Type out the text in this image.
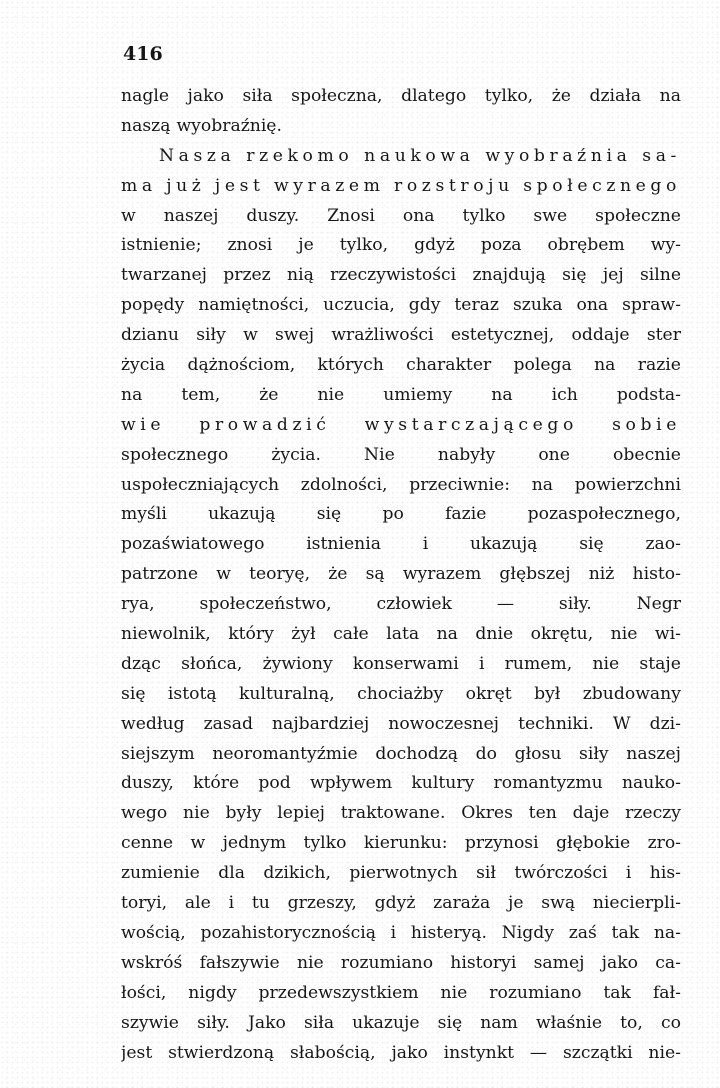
416
nagle jako siła społeczna, dlatego tylko, że działa na
naszą wyobraźnię.
Nasza rzekomo naukowa wyobraźnia sa-
ma już jest wyrazem rozstroju społecznego
w naszej duszy. Znosi ona tylko swe społeczne
istnienie; znosi je tylko, gdyż poza obrębem wy-
twarzanej przez nią rzeczywistości znajdują się jej silne
popędy namiętności, uczucia, gdy teraz szuka ona spraw-
dzianu siły w swej wrażliwości estetycznej, oddaje ster
życia dążnościom, których charakter polega na razie
na tem, że nie umiemy na ich podsta-
wie prowadzić wystarczającego sobie
społecznego	życia.	Nie	nabyły	one	obecnie
uspołeczniających zdolności, przeciwnie: na powierzchni
myśli ukazują się po fazie pozaspołecznego,
pozaświatowego istnienia i ukazują się zao-
patrzone w teoryę, że są wyrazem głębszej niż histo-
rya,	społeczeństwo,	człowiek	—	siły.	Negr
niewolnik, który żył całe lata na dnie okrętu, nie wi-
dząc słońca, żywiony konserwami i rumem, nie staje
się istotą kulturalną, chociażby okręt był zbudowany
według zasad najbardziej nowoczesnej techniki. W dzi-
siejszym neoromantyźmie dochodzą do głosu siły naszej
duszy, które pod wpływem kultury romantyzmu nauko-
wego nie były lepiej traktowane. Okres ten daje rzeczy
cenne w jednym tylko kierunku: przynosi głębokie zro-
zumienie dla dzikich, pierwotnych sił twórczości i his-
toryi, ale i tu grzeszy, gdyż zaraża je swą niecierpli-
wością, pozahistorycznością i histeryą. Nigdy zaś tak na-
wskróś fałszywie nie rozumiano historyi samej jako ca-
łości, nigdy przedewszystkiem nie rozumiano tak fał-
szywie siły. Jako siła ukazuje się nam właśnie to, co
jest stwierdzoną słabością, jako instynkt — szczątki nie-
